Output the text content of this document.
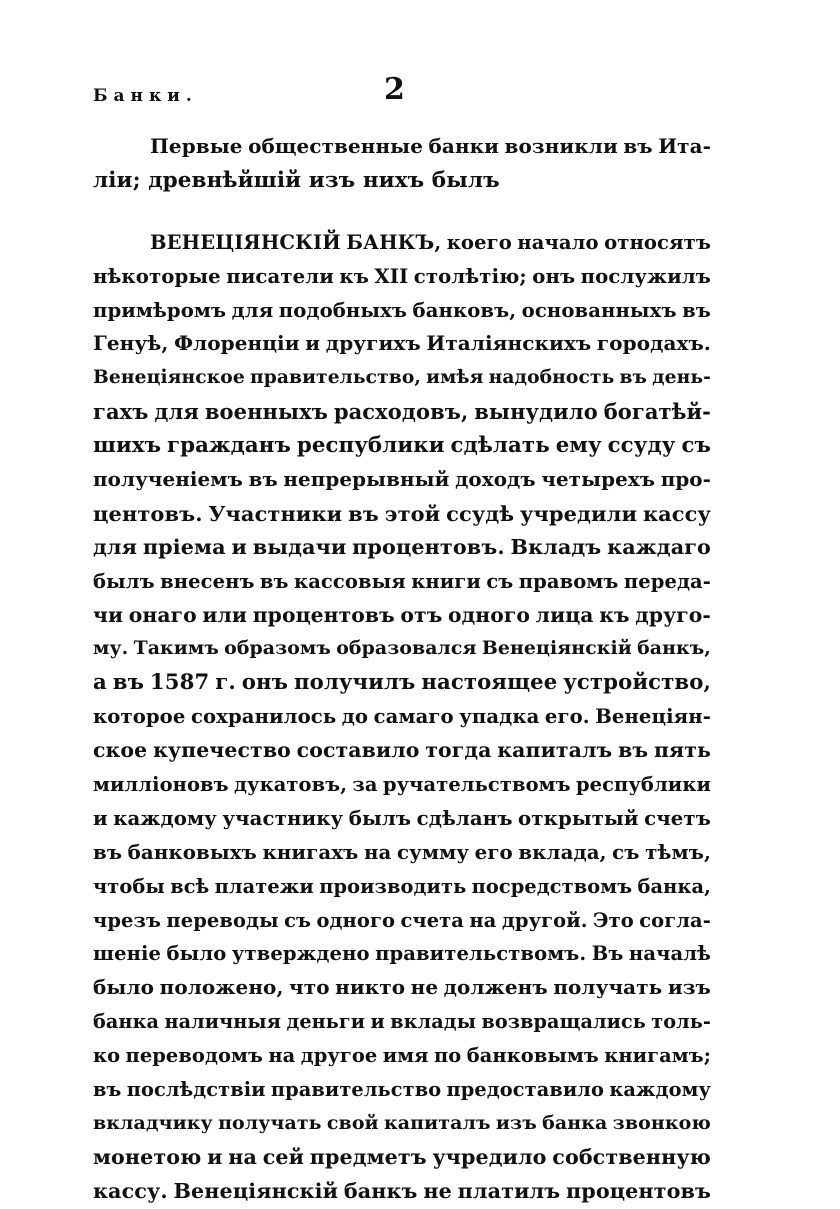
Банки.	2
Первые общественные банки возникли въ Ита-
ліи; древнѣйшій изъ нихъ былъ
ВЕНЕЦІЯНСКІЙ БАНКЪ, коего начало относятъ
нѣкоторые писатели къ XII столѣтію; онъ послужилъ
примѣромъ для подобныхъ банковъ, основанныхъ въ
Генуѣ, Флоренціи и другихъ Италіянскихъ городахъ.
Венеціянское правительство, имѣя надобность въ день-
гахъ для военныхъ расходовъ, вынудило богатѣй-
шихъ гражданъ республики сдѣлать ему ссуду съ
полученіемъ въ непрерывный доходъ четырехъ про-
центовъ. Участники въ этой ссудѣ учредили кассу
для пріема и выдачи процентовъ. Вкладъ каждаго
былъ внесенъ въ кассовыя книги съ правомъ переда-
чи онаго или процентовъ отъ одного лица къ друго-
му. Такимъ образомъ образовался Венеціянскій банкъ,
а въ 1587 г. онъ получилъ настоящее устройство,
которое сохранилось до самаго упадка его. Венеціян-
ское купечество составило тогда капиталъ въ пять
милліоновъ дукатовъ, за ручательствомъ республики
и каждому участнику былъ сдѣланъ открытый счетъ
въ банковыхъ книгахъ на сумму его вклада, съ тѣмъ,
чтобы всѣ платежи производить посредствомъ банка,
чрезъ переводы съ одного счета на другой. Это согла-
шеніе было утверждено правительствомъ. Въ началѣ
было положено, что никто не долженъ получать изъ
банка наличныя деньги и вклады возвращались толь-
ко переводомъ на другое имя по банковымъ книгамъ;
въ послѣдствіи правительство предоставило каждому
вкладчику получать свой капиталъ изъ банка звонкою
монетою и на сей предметъ учредило собственную
кассу. Венеціянскій банкъ не платилъ процентовъ
